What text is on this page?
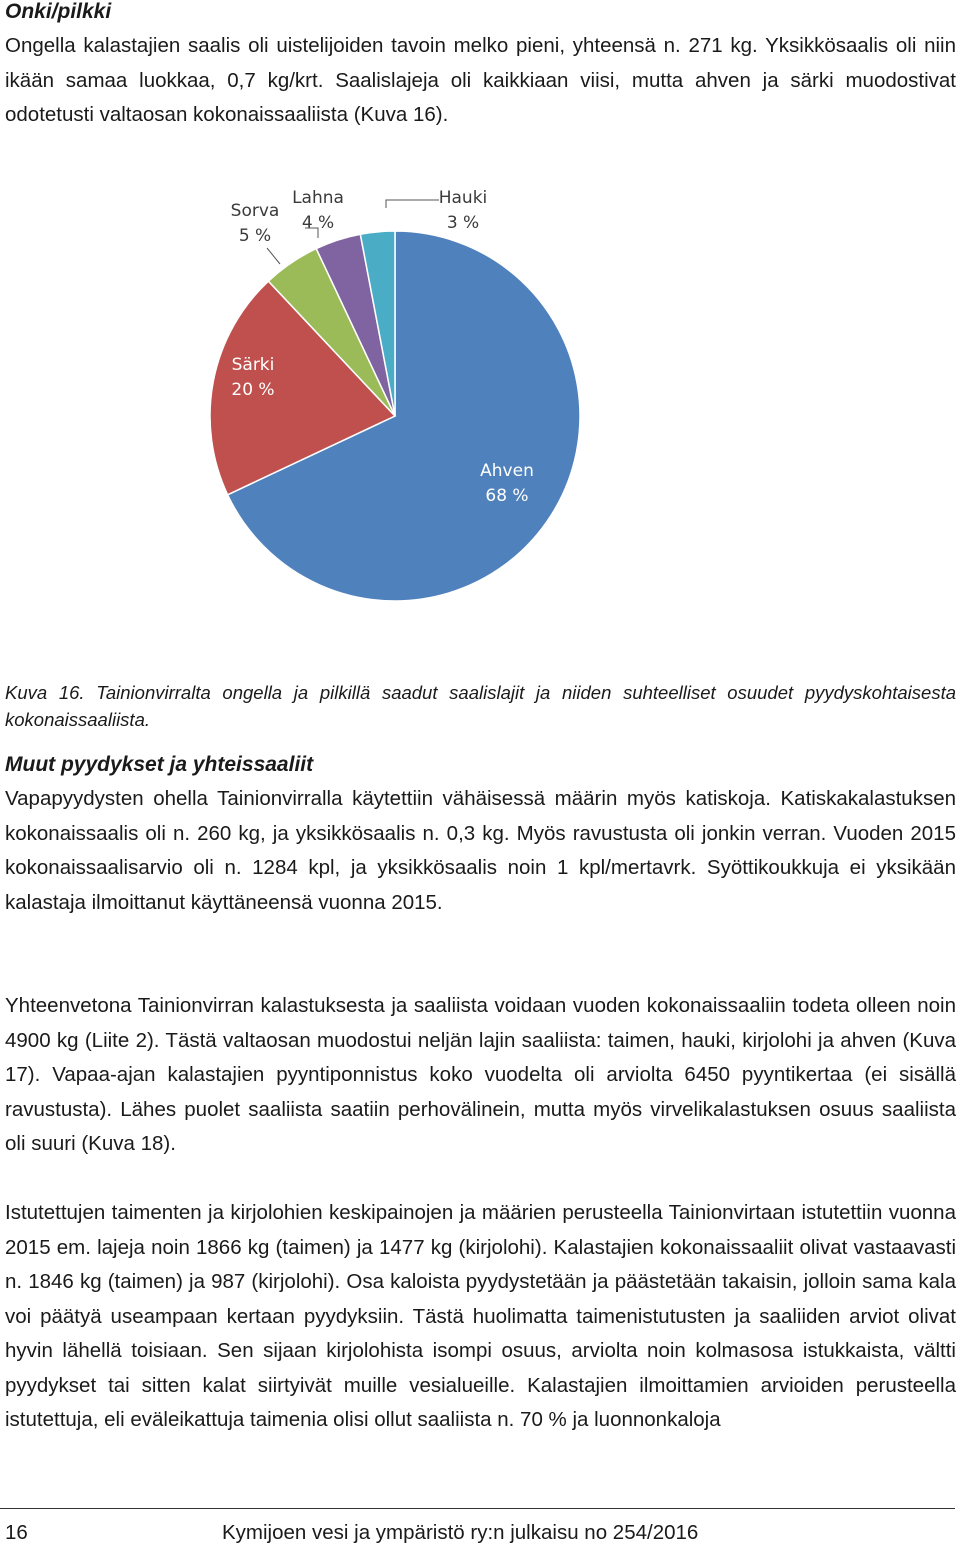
Onki/pilkki

Ongella kalastajien saalis oli uistelijoiden tavoin melko pieni, yhteensä n. 271 kg. Yksikkösaalis oli niin ikään samaa luokkaa, 0,7 kg/krt. Saalislajeja oli kaikkiaan viisi, mutta ahven ja särki muodostivat odotetusti valtaosan kokonaissaaliista (Kuva 16).

Ahven
68 %
Särki
20 %
Sorva
5 %
Lahna
4 %
Hauki
3 %

Kuva 16. Tainionvirralta ongella ja pilkillä saadut saalislajit ja niiden suhteelliset osuudet pyydyskohtaisesta kokonaissaaliista.

Muut pyydykset ja yhteissaaliit

Vapapyydysten ohella Tainionvirralla käytettiin vähäisessä määrin myös katiskoja. Katiskakalastuksen kokonaissaalis oli n. 260 kg, ja yksikkösaalis n. 0,3 kg. Myös ravustusta oli jonkin verran. Vuoden 2015 kokonaissaalisarvio oli n. 1284 kpl, ja yksikkösaalis noin 1 kpl/mertavrk. Syöttikoukkuja ei yksikään kalastaja ilmoittanut käyttäneensä vuonna 2015.

Yhteenvetona Tainionvirran kalastuksesta ja saaliista voidaan vuoden kokonaissaaliin todeta olleen noin 4900 kg (Liite 2). Tästä valtaosan muodostui neljän lajin saaliista: taimen, hauki, kirjolohi ja ahven (Kuva 17). Vapaa-ajan kalastajien pyyntiponnistus koko vuodelta oli arviolta 6450 pyyntikertaa (ei sisällä ravustusta). Lähes puolet saaliista saatiin perhovälinein, mutta myös virvelikalastuksen osuus saaliista oli suuri (Kuva 18).

Istutettujen taimenten ja kirjolohien keskipainojen ja määrien perusteella Tainionvirtaan istutettiin vuonna 2015 em. lajeja noin 1866 kg (taimen) ja 1477 kg (kirjolohi). Kalastajien kokonaissaaliit olivat vastaavasti n. 1846 kg (taimen) ja 987 (kirjolohi). Osa kaloista pyydystetään ja päästetään takaisin, jolloin sama kala voi päätyä useampaan kertaan pyydyksiin. Tästä huolimatta taimenistutusten ja saaliiden arviot olivat hyvin lähellä toisiaan. Sen sijaan kirjolohista isompi osuus, arviolta noin kolmasosa istukkaista, vältti pyydykset tai sitten kalat siirtyivät muille vesialueille. Kalastajien ilmoittamien arvioiden perusteella istutettuja, eli eväleikattuja taimenia olisi ollut saaliista n. 70 % ja luonnonkaloja

16	Kymijoen vesi ja ympäristö ry:n julkaisu no 254/2016
